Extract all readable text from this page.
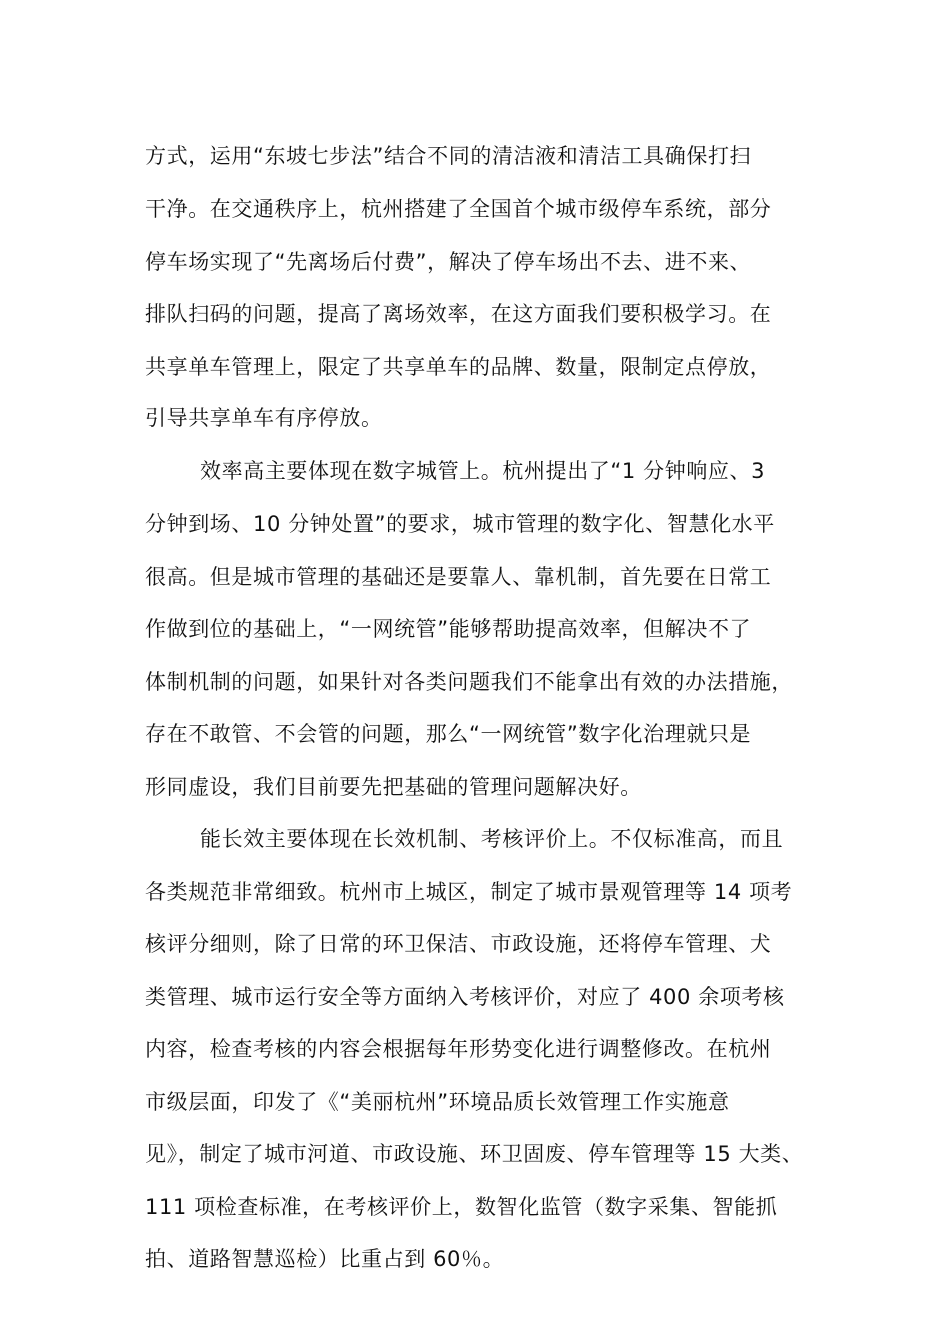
方式，运用“东坡七步法”结合不同的清洁液和清洁工具确保打扫
干净。在交通秩序上，杭州搭建了全国首个城市级停车系统，部分
停车场实现了“先离场后付费”，解决了停车场出不去、进不来、
排队扫码的问题，提高了离场效率，在这方面我们要积极学习。在
共享单车管理上，限定了共享单车的品牌、数量，限制定点停放，
引导共享单车有序停放。
效率高主要体现在数字城管上。杭州提出了“1 分钟响应、3
分钟到场、10 分钟处置”的要求，城市管理的数字化、智慧化水平
很高。但是城市管理的基础还是要靠人、靠机制，首先要在日常工
作做到位的基础上，“一网统管”能够帮助提高效率，但解决不了
体制机制的问题，如果针对各类问题我们不能拿出有效的办法措施，
存在不敢管、不会管的问题，那么“一网统管”数字化治理就只是
形同虚设，我们目前要先把基础的管理问题解决好。
能长效主要体现在长效机制、考核评价上。不仅标准高，而且
各类规范非常细致。杭州市上城区，制定了城市景观管理等 14 项考
核评分细则，除了日常的环卫保洁、市政设施，还将停车管理、犬
类管理、城市运行安全等方面纳入考核评价，对应了 400 余项考核
内容，检查考核的内容会根据每年形势变化进行调整修改。在杭州
市级层面，印发了《“美丽杭州”环境品质长效管理工作实施意
见》，制定了城市河道、市政设施、环卫固废、停车管理等 15 大类、
111 项检查标准，在考核评价上，数智化监管（数字采集、智能抓
拍、道路智慧巡检）比重占到 60％。
